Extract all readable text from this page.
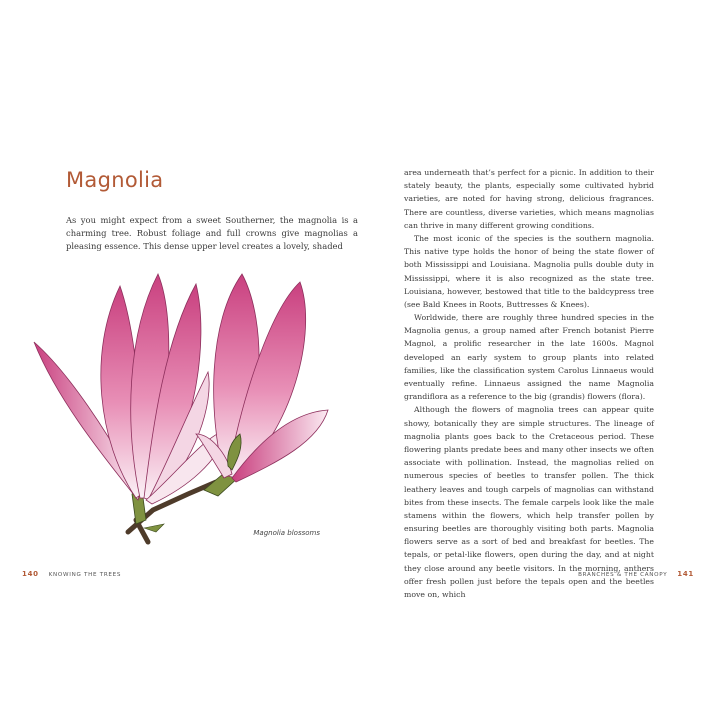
Magnolia

As you might expect from a sweet Southerner, the magnolia is a charming tree. Robust foliage and full crowns give magnolias a pleasing essence. This dense upper level creates a lovely, shaded

Magnolia blossoms

area underneath that’s perfect for a picnic. In addition to their stately beauty, the plants, especially some cultivated hybrid varieties, are noted for having strong, delicious fragrances. There are countless, diverse varieties, which means magnolias can thrive in many different growing conditions.

The most iconic of the species is the southern magnolia. This native type holds the honor of being the state flower of both Mississippi and Louisiana. Magnolia pulls double duty in Mississippi, where it is also recognized as the state tree. Louisiana, however, bestowed that title to the baldcypress tree (see Bald Knees in Roots, Buttresses & Knees).

Worldwide, there are roughly three hundred species in the Magnolia genus, a group named after French botanist Pierre Magnol, a prolific researcher in the late 1600s. Magnol developed an early system to group plants into related families, like the classification system Carolus Linnaeus would eventually refine. Linnaeus assigned the name Magnolia grandiflora as a reference to the big (grandis) flowers (flora).

Although the flowers of magnolia trees can appear quite showy, botanically they are simple structures. The lineage of magnolia plants goes back to the Cretaceous period. These flowering plants predate bees and many other insects we often associate with pollination. Instead, the magnolias relied on numerous species of beetles to transfer pollen. The thick leathery leaves and tough carpels of magnolias can withstand bites from these insects. The female carpels look like the male stamens within the flowers, which help transfer pollen by ensuring beetles are thoroughly visiting both parts. Magnolia flowers serve as a sort of bed and breakfast for beetles. The tepals, or petal-like flowers, open during the day, and at night they close around any beetle visitors. In the morning, anthers offer fresh pollen just before the tepals open and the beetles move on, which

140 KNOWING THE TREES	BRANCHES & THE CANOPY 141
